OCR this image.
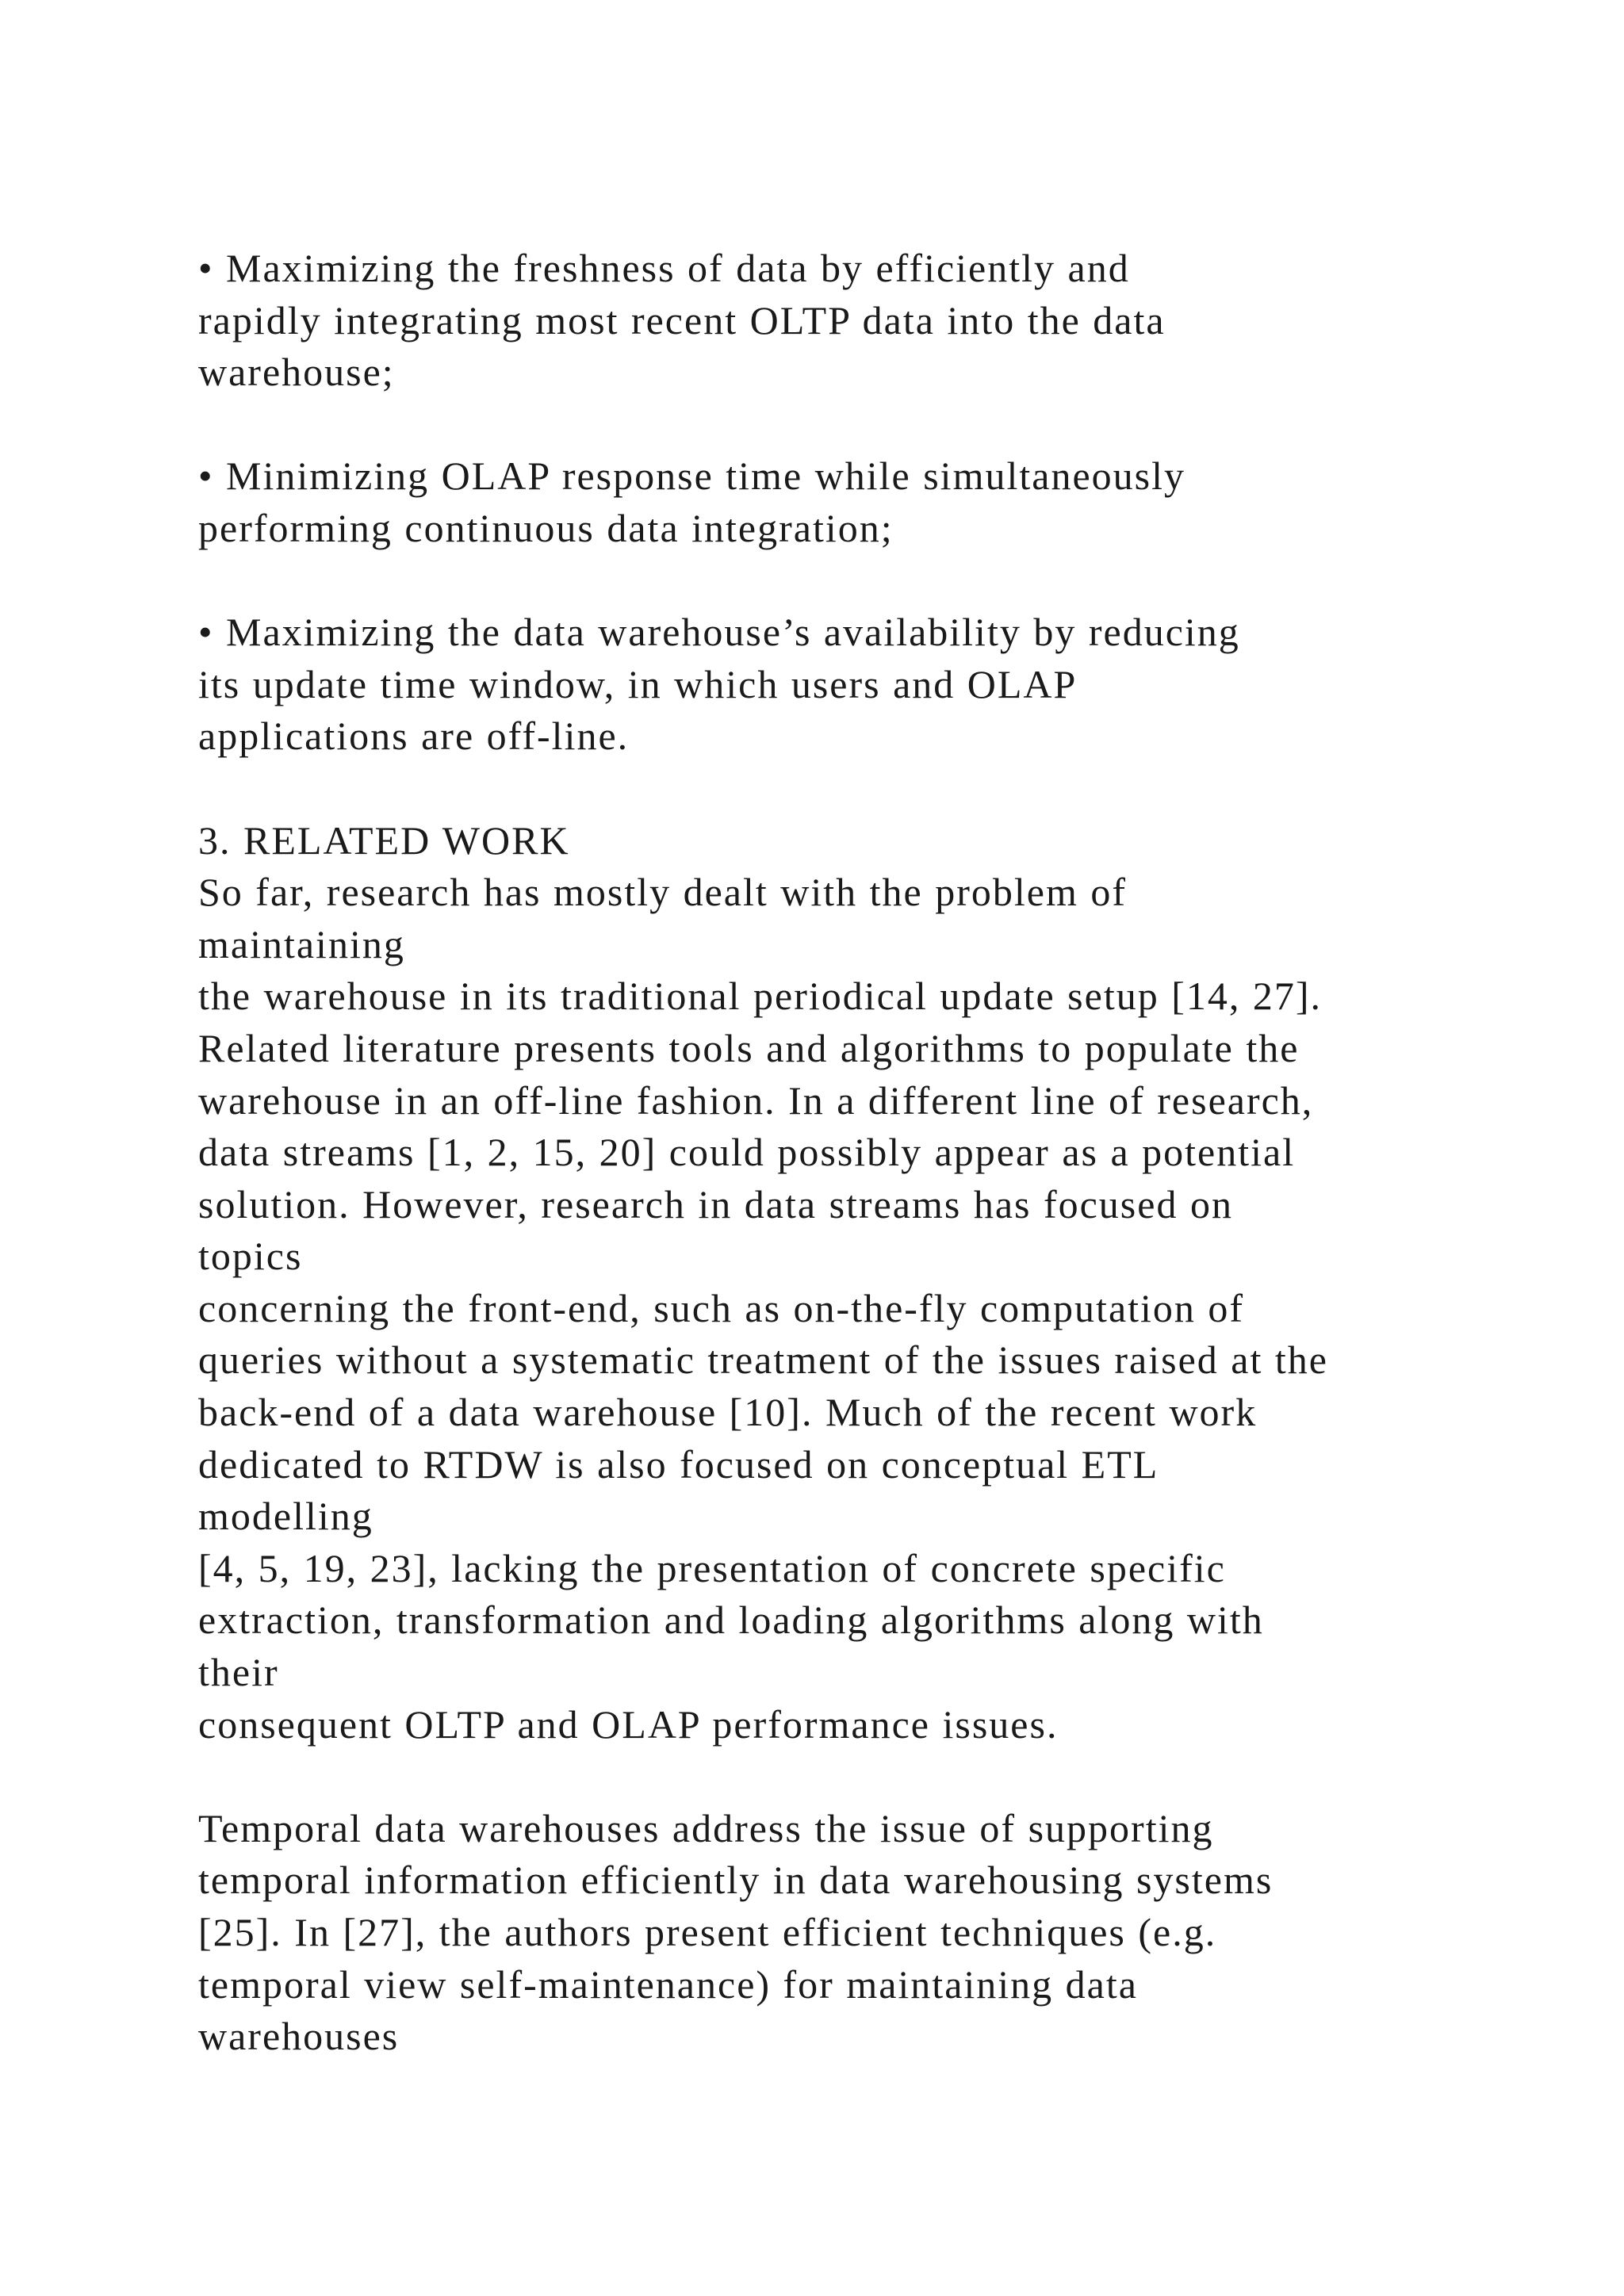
• Maximizing the freshness of data by efficiently and
rapidly integrating most recent OLTP data into the data
warehouse;
• Minimizing OLAP response time while simultaneously
performing continuous data integration;
• Maximizing the data warehouse’s availability by reducing
its update time window, in which users and OLAP
applications are off-line.
3. RELATED WORK
So far, research has mostly dealt with the problem of
maintaining
the warehouse in its traditional periodical update setup [14, 27].
Related literature presents tools and algorithms to populate the
warehouse in an off-line fashion. In a different line of research,
data streams [1, 2, 15, 20] could possibly appear as a potential
solution. However, research in data streams has focused on
topics
concerning the front-end, such as on-the-fly computation of
queries without a systematic treatment of the issues raised at the
back-end of a data warehouse [10]. Much of the recent work
dedicated to RTDW is also focused on conceptual ETL
modelling
[4, 5, 19, 23], lacking the presentation of concrete specific
extraction, transformation and loading algorithms along with
their
consequent OLTP and OLAP performance issues.
Temporal data warehouses address the issue of supporting
temporal information efficiently in data warehousing systems
[25]. In [27], the authors present efficient techniques (e.g.
temporal view self-maintenance) for maintaining data
warehouses
